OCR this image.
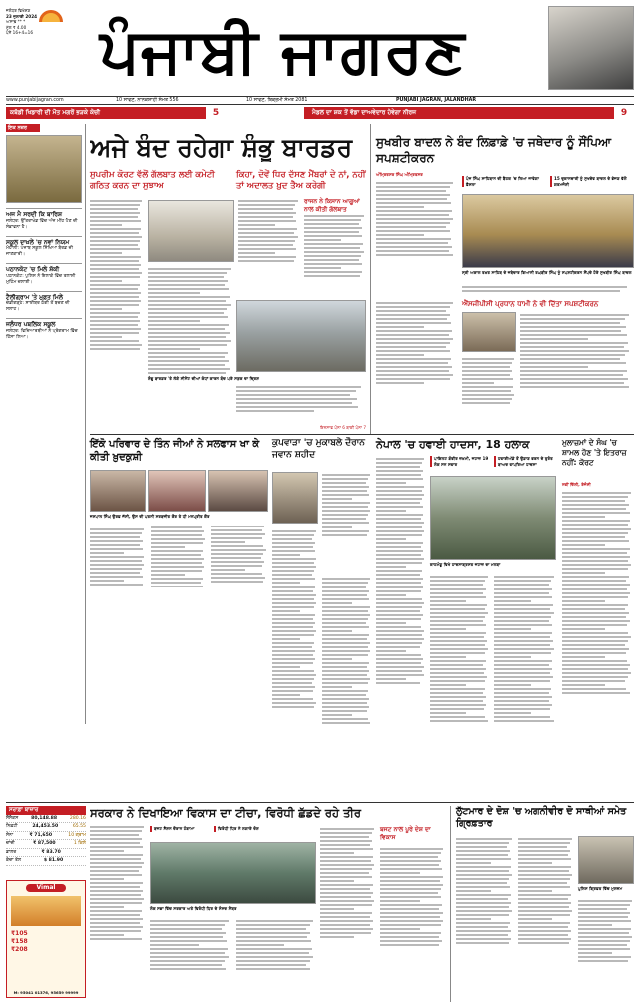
ਜਲੰਧਰ ਵਿਖੇਸ਼ਣ
23 ਜੁਲਾਈ 2024
ਅਸਾਢ਼ ** *
ਮੁੱਲ ₹ 4.00
ਪੰਨੇ 16+4=16	ਪੰਜਾਬੀ ਜਾਗਰਣ
www.punjabijagran.com	10 ਸਾਵਣ, ਨਾਨਕਸ਼ਾਹੀ ਸੰਮਤ 556	10 ਸਾਵਣ, ਬਿਕ੍ਰਮੀ ਸੰਮਤ 2081	PUNJABI JAGRAN, JALANDHAR
ਕਬੱਡੀ ਖਿਡਾਰੀ ਦੀ ਮੌਤ ਮਗਰੋਂ ਭੜਕੇ ਕੋਚੀ	5	ਮੈਡਲ ਦਾ ਸ਼ਕ ਤੋਂ ਵੱਡਾ ਦਾਅਵੇਦਾਰ ਹੋਵੇਗਾ ਨੀਰਜ	9
ਇਕ ਨਜ਼ਰ
ਅਜ ਮੈ ਸਰਦੀ ਕਿ ਬਾਰਿਸ਼
ਜਲੰਧਰ: ਉੱਤਰਾਖੰਡ ਵਿੱਚ ਅੱਜ ਮੀਂਹ ਪੈਣ ਦੀ ਸੰਭਾਵਨਾ ਹੈ।
ਸਕੂਲ ਦਾਖ਼ਲੇ 'ਚ ਨਵਾਂ ਨਿਯਮ
ਮੋਹਾਲੀ: ਪੰਜਾਬ ਸਕੂਲ ਸਿੱਖਿਆ ਬੋਰਡ ਦੀ ਜਾਣਕਾਰੀ।
ਪਠਾਨਕੋਟ 'ਚ ਮਿਲੇ ਸ਼ੱਕੀ
ਪਠਾਨਕੋਟ: ਪੁਲਿਸ ਨੇ ਇਲਾਕੇ ਵਿੱਚ ਤਲਾਸ਼ੀ ਮੁਹਿੰਮ ਚਲਾਈ।
ਟੈਲੀਗ੍ਰਾਮ 'ਤੇ ਮੁਫ਼ਤ ਮਿਲੇ
ਚੰਡੀਗੜ੍ਹ: ਸਾਈਬਰ ਠੱਗੀ ਤੋਂ ਬਚਣ ਦੀ ਸਲਾਹ।
ਜਲੰਧਰ ਪਬਲਿਕ ਸਕੂਲ
ਜਲੰਧਰ: ਵਿਦਿਆਰਥੀਆਂ ਨੇ ਪ੍ਰੋਗਰਾਮ ਵਿੱਚ ਹਿੱਸਾ ਲਿਆ।
ਅਜੇ ਬੰਦ ਰਹੇਗਾ ਸ਼ੰਭੂ ਬਾਰਡਰ
ਸੁਪਰੀਮ ਕੋਰਟ ਵੱਲੋਂ ਗੱਲਬਾਤ ਲਈ ਕਮੇਟੀ ਗਠਿਤ ਕਰਨ ਦਾ ਸੁਝਾਅ
ਕਿਹਾ, ਦੋਵੇਂ ਧਿਰ ਦੱਸਣ ਮੈਂਬਰਾਂ ਦੇ ਨਾਂ, ਨਹੀਂ ਤਾਂ ਅਦਾਲਤ ਖ਼ੁਦ ਤੈਅ ਕਰੇਗੀ
ਰਾਜਨ ਨੇ ਕਿਸਾਨ ਆਗੂਆਂ ਨਾਲ ਕੀਤੀ ਗੱਲਬਾਤ
ਸ਼ੰਭੂ ਬਾਰਡਰ 'ਤੇ ਲੱਗੇ ਸੀਮੈਂਟ ਦੀਆਂ ਕੰਧਾਂ ਕਾਰਨ ਬੰਦ ਪਏ ਸੜਕ ਦਾ ਦ੍ਰਿਸ਼
ਇਨਸਾਫ ਪੰਨਾ 6 ਬਾਕੀ ਪੰਨਾ 7
ਸੁਖਬੀਰ ਬਾਦਲ ਨੇ ਬੰਦ ਲਿਫ਼ਾਫ਼ੇ 'ਚ ਜਥੇਦਾਰ ਨੂੰ ਸੌਂਪਿਆ ਸਪਸ਼ਟੀਕਰਨ
ਅੰਮ੍ਰਿਤਸਰ ਸਿੰਘ ਅੰਮ੍ਰਿਤਸਰ
ਪੰਜ ਸਿੰਘ ਸਾਹਿਬਾਨ ਦੀ ਬੈਠਕ 'ਚ ਲਿਆ ਜਾਵੇਗਾ ਫ਼ੈਸਲਾ
15 ਦੁਕਾਨਦਾਰੀ ਨੂੰ ਸੁਖਦੇਵ ਬਾਦਲ ਦੇ ਭੇਜਣ ਵੱਲੋਂ ਗਰਮਜੋਸ਼ੀ
ਸ੍ਰੀ ਅਕਾਲ ਤਖ਼ਤ ਸਾਹਿਬ ਦੇ ਜਥੇਦਾਰ ਗਿਆਨੀ ਰਘਬੀਰ ਸਿੰਘ ਨੂੰ ਸਪਸ਼ਟੀਕਰਨ ਸੌਂਪਦੇ ਹੋਏ ਸੁਖਬੀਰ ਸਿੰਘ ਬਾਦਲ
ਐੱਸਜੀਪੀਸੀ ਪ੍ਰਧਾਨ ਧਾਮੀ ਨੇ ਵੀ ਦਿੱਤਾ ਸਪਸ਼ਟੀਕਰਨ
ਇੱਕੋ ਪਰਿਵਾਰ ਦੇ ਤਿੰਨ ਜੀਆਂ ਨੇ ਸਲਫਾਸ ਖਾ ਕੇ ਕੀਤੀ ਖ਼ੁਦਕੁਸ਼ੀ
ਜਸਪਾਲ ਸਿੰਘ ਉਰਫ਼ ਜੱਸੀ, ਉਸ ਦੀ ਪਤਨੀ ਸਰਬਜੀਤ ਕੌਰ ਤੇ ਧੀ ਮਨਪ੍ਰੀਤ ਕੌਰ
ਕੁਪਵਾੜਾ 'ਚ ਮੁਕਾਬਲੇ ਦੌਰਾਨ ਜਵਾਨ ਸ਼ਹੀਦ
ਨੇਪਾਲ 'ਚ ਹਵਾਈ ਹਾਦਸਾ, 18 ਹਲਾਕ
ਪਾਇਲਟ ਗੰਭੀਰ ਜ਼ਖ਼ਮੀ, ਜਹਾਜ਼ 19 ਲੋਕ ਸਨ ਸਵਾਰ
ਹਵਾਈਅੱਡੇ ਤੋਂ ਉਡਾਣ ਭਰਨ ਦੇ ਤੁਰੰਤ ਬਾਅਦ ਵਾਪਰਿਆ ਹਾਦਸਾ
ਕਾਠਮੰਡੂ ਵਿਖੇ ਹਾਦਸਾਗ੍ਰਸਤ ਜਹਾਜ਼ ਦਾ ਮਲਬਾ
ਮੁਲਾਜ਼ਮਾਂ ਦੇ ਸੰਘ 'ਚ ਸ਼ਾਮਲ ਹੋਣ 'ਤੇ ਇਤਰਾਜ਼ ਨਹੀਂ: ਕੋਰਟ
ਨਵੀਂ ਦਿੱਲੀ, ਏਜੰਸੀ
ਸਰਾਫ਼ਾ ਬਾਜ਼ਾਰ
ਸੈਂਸੈਕਸ	80,148.88	280.16
ਨਿਫ਼ਟੀ	24,453.50	65.55
ਸੋਨਾ	₹ 71,650	10 ਗ੍ਰਾਮ
ਚਾਂਦੀ	₹ 87,500	1 ਕਿਲੋ
ਡਾਲਰ	₹ 83.70
ਕੱਚਾ ਤੇਲ	$ 81.90
Vimal
₹105
₹158
₹208
M: 95041 01376, 95659 99999
ਸਰਕਾਰ ਨੇ ਦਿਖਾਇਆ ਵਿਕਾਸ ਦਾ ਟੀਚਾ, ਵਿਰੋਧੀ ਛੱਡਦੇ ਰਹੇ ਤੀਰ
ਬਜਟ ਸੈਸ਼ਨ ਦੌਰਾਨ ਹੰਗਾਮਾ	ਵਿਰੋਧੀ ਧਿਰ ਨੇ ਲਗਾਏ ਦੋਸ਼
ਲੋਕ ਸਭਾ ਵਿੱਚ ਸਰਕਾਰ ਅਤੇ ਵਿਰੋਧੀ ਧਿਰ ਦੇ ਸੰਸਦ ਮੈਂਬਰ
ਬਜਟ ਨਾਲ ਪੂਰੇ ਦੇਸ਼ ਦਾ ਵਿਕਾਸ
ਲੁੱਟਮਾਰ ਦੇ ਦੋਸ਼ 'ਚ ਅਗਨੀਵੀਰ ਦੋ ਸਾਥੀਆਂ ਸਮੇਤ ਗ੍ਰਿਫ਼ਤਾਰ
ਪੁਲਿਸ ਗ੍ਰਿਫ਼ਤ ਵਿੱਚ ਮੁਲਜ਼ਮ
